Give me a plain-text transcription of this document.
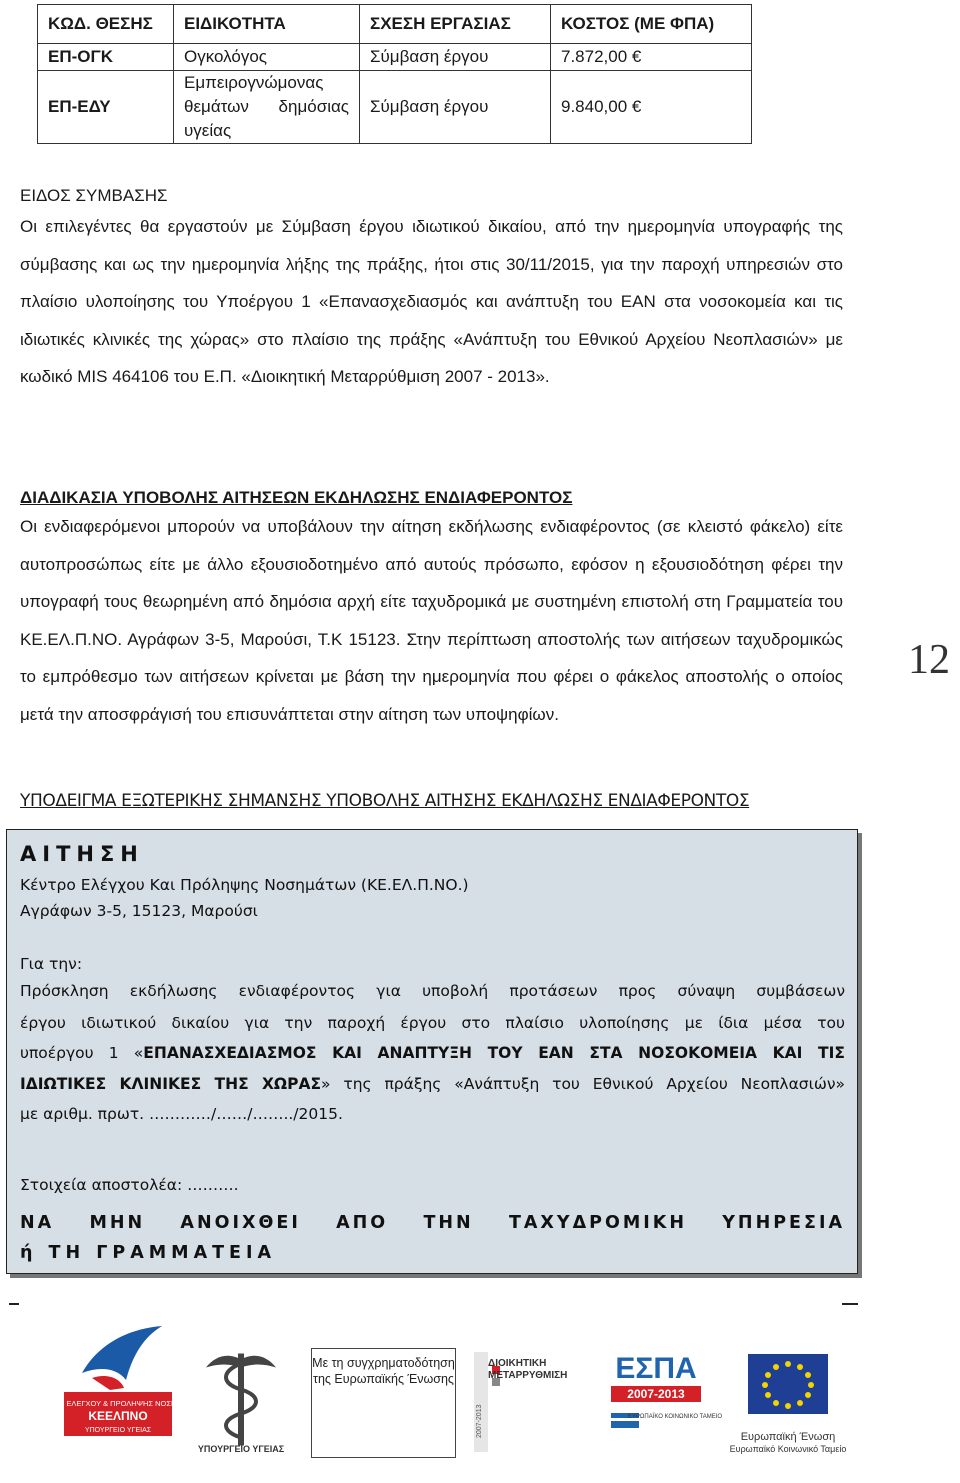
ΚΩΔ. ΘΕΣΗΣ	ΕΙΔΙΚΟΤΗΤΑ	ΣΧΕΣΗ ΕΡΓΑΣΙΑΣ	ΚΟΣΤΟΣ (ΜΕ ΦΠΑ)
ΕΠ-ΟΓΚ	Ογκολόγος	Σύμβαση έργου	7.872,00 €
ΕΠ-ΕΔΥ	Εμπειρογνώμονας θεμάτων δημόσιας υγείας	Σύμβαση έργου	9.840,00 €
ΕΙΔΟΣ ΣΥΜΒΑΣΗΣ

Οι επιλεγέντες θα εργαστούν με Σύμβαση έργου ιδιωτικού δικαίου, από την ημερομηνία υπογραφής της σύμβασης και ως την ημερομηνία λήξης της πράξης, ήτοι στις 30/11/2015, για την παροχή υπηρεσιών στο πλαίσιο υλοποίησης του Υποέργου 1 «Επανασχεδιασμός και ανάπτυξη του ΕΑΝ στα νοσοκομεία και τις ιδιωτικές κλινικές της χώρας» στο πλαίσιο της πράξης «Ανάπτυξη του Εθνικού Αρχείου Νεοπλασιών» με κωδικό MIS 464106 του Ε.Π. «Διοικητική Μεταρρύθμιση 2007 - 2013».

ΔΙΑΔΙΚΑΣΙΑ ΥΠΟΒΟΛΗΣ ΑΙΤΗΣΕΩΝ ΕΚΔΗΛΩΣΗΣ ΕΝΔΙΑΦΕΡΟΝΤΟΣ

Οι ενδιαφερόμενοι μπορούν να υποβάλουν την αίτηση εκδήλωσης ενδιαφέροντος (σε κλειστό φάκελο) είτε αυτοπροσώπως είτε με άλλο εξουσιοδοτημένο από αυτούς πρόσωπο, εφόσον η εξουσιοδότηση φέρει την υπογραφή τους θεωρημένη από δημόσια αρχή είτε ταχυδρομικά με συστημένη επιστολή στη Γραμματεία του ΚΕ.ΕΛ.Π.ΝΟ. Αγράφων 3-5, Μαρούσι, Τ.Κ 15123. Στην περίπτωση αποστολής των αιτήσεων ταχυδρομικώς το εμπρόθεσμο των αιτήσεων κρίνεται με βάση την ημερομηνία που φέρει ο φάκελος αποστολής ο οποίος μετά την αποσφράγισή του επισυνάπτεται στην αίτηση των υποψηφίων.

12
ΥΠΟΔΕΙΓΜΑ ΕΞΩΤΕΡΙΚΗΣ ΣΗΜΑΝΣΗΣ ΥΠΟΒΟΛΗΣ ΑΙΤΗΣΗΣ ΕΚΔΗΛΩΣΗΣ ΕΝΔΙΑΦΕΡΟΝΤΟΣ
ΑΙΤΗΣΗ
Κέντρο Ελέγχου Και Πρόληψης Νοσημάτων (ΚΕ.ΕΛ.Π.ΝΟ.)
Αγράφων 3-5, 15123, Μαρούσι
Για την:
Πρόσκληση εκδήλωσης ενδιαφέροντος για υποβολή προτάσεων προς σύναψη συμβάσεων
έργου ιδιωτικού δικαίου για την παροχή έργου στο πλαίσιο υλοποίησης με ίδια μέσα του
υποέργου 1 «ΕΠΑΝΑΣΧΕΔΙΑΣΜΟΣ ΚΑΙ ΑΝΑΠΤΥΞΗ ΤΟΥ ΕΑΝ ΣΤΑ ΝΟΣΟΚΟΜΕΙΑ ΚΑΙ ΤΙΣ
ΙΔΙΩΤΙΚΕΣ ΚΛΙΝΙΚΕΣ ΤΗΣ ΧΩΡΑΣ» της πράξης «Ανάπτυξη του Εθνικού Αρχείου Νεοπλασιών»
με αριθμ. πρωτ. …………/……/……../2015.
Στοιχεία αποστολέα: ……….
ΝΑ ΜΗΝ ΑΝΟΙΧΘΕΙ ΑΠΟ ΤΗΝ ΤΑΧΥΔΡΟΜΙΚΗ ΥΠΗΡΕΣΙΑ
ή ΤΗ ΓΡΑΜΜΑΤΕΙΑ
ΚΕΝΤΡΟ ΕΛΕΓΧΟΥ & ΠΡΟΛΗΨΗΣ ΝΟΣΗΜΑΤΩΝ
ΚΕΕΛΠΝΟ
ΥΠΟΥΡΓΕΙΟ ΥΓΕΙΑΣ
ΥΠΟΥΡΓΕΙΟ ΥΓΕΙΑΣ
Με τη συγχρηματοδότηση της Ευρωπαϊκής Ένωσης
2007-2013
ΔΙΟΙΚΗΤΙΚΗ ΜΕΤΑΡΡΥΘΜΙΣΗ	ΕΣΠΑ
2007-2013
ΕΥΡΩΠΑΪΚΟ ΚΟΙΝΩΝΙΚΟ ΤΑΜΕΙΟ
Ευρωπαϊκή Ένωση
Ευρωπαϊκό Κοινωνικό Ταμείο
